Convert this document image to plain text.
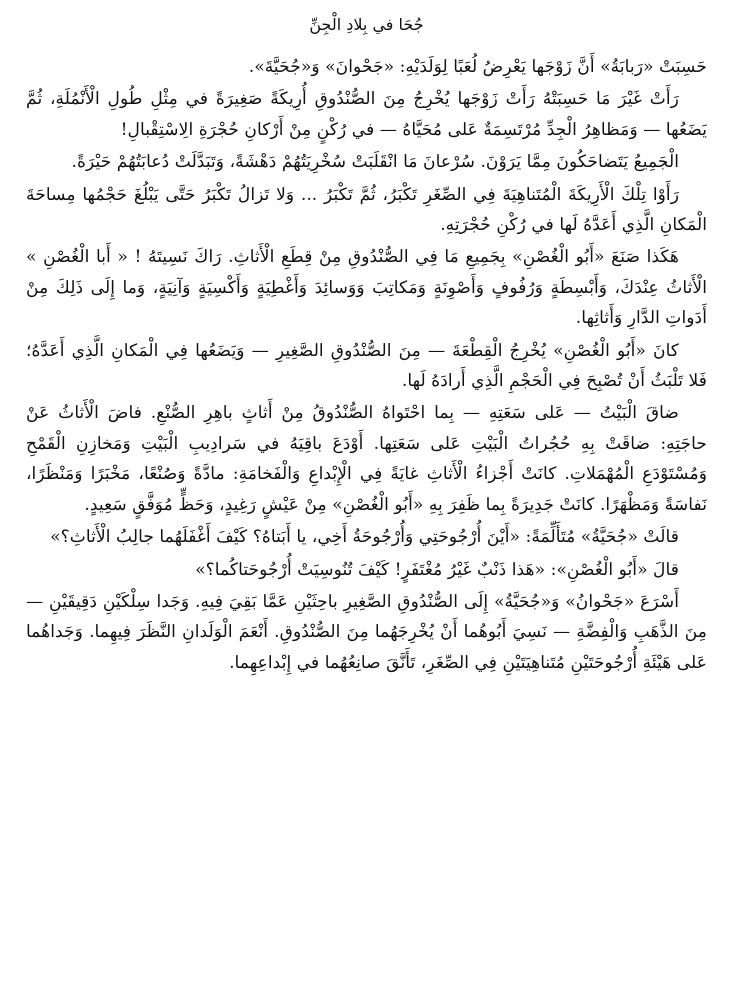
جُحَا في بِلادِ الْجِنِّ

حَسِبَتْ «رَبابَةُ» أَنَّ زَوْجَها يَعْرِضُ لُعَبًا لِوَلَدَيْهِ: «جَحْوانَ» وَ«جُحَيَّةَ».

رَأَتْ غَيْرَ مَا حَسِبَتْهُ رَأَتْ زَوْجَها يُخْرِجُ مِنَ الصُّنْدُوقِ أُرِيكَةً صَغِيرَةً في مِثْلِ طُولِ الْأَنْمُلَةِ، ثُمَّ يَضَعُها — وَمَظاهِرُ الْجِدِّ مُرْتَسِمَةٌ عَلى مُحَيَّاهُ — في رُكْنٍ مِنْ أَرْكانِ حُجْرَةِ الِاسْتِقْبالِ!

الْجَمِيعُ يَتَضاحَكُونَ مِمَّا يَرَوْنَ. سُرْعانَ مَا انْقَلَبَتْ سُخْرِيَتُهُمْ دَهْشَةً، وَتَبَدَّلَتْ دُعابَتُهُمْ حَيْرَةً.

رَأَوْا تِلْكَ الْأَرِيكَةَ الْمُتَناهِيَةَ فِي الصِّغَرِ تَكْبَرُ، ثُمَّ تَكْبَرُ ... وَلا تَزالُ تَكْبَرُ حَتَّى يَبْلُغَ حَجْمُها مِساحَةَ الْمَكانِ الَّذِي أَعَدَّهُ لَها في رُكْنِ حُجْرَتِهِ.

هَكَذا صَنَعَ «أَبُو الْغُصْنِ» بِجَمِيعِ مَا فِي الصُّنْدُوقِ مِنْ قِطَعِ الْأَثاثِ. رَاكَ نَسِيتَهُ ! « أَبا الْغُصْنِ » الْأَثاثُ عِنْدَكَ، وَأَبْسِطَةٍ وَرُفُوفٍ وَأَصْوِنَةٍ وَمَكاتِبَ وَوَسائِدَ وَأَغْطِيَةٍ وَأَكْسِيَةٍ وَآنِيَةٍ، وَما إِلَى ذَلِكَ مِنْ أَدَواتِ الدَّارِ وَأَثاثِها.

كانَ «أَبُو الْغُصْنِ» يُخْرِجُ الْقِطْعَةَ — مِنَ الصُّنْدُوقِ الصَّغِيرِ — وَيَضَعُها فِي الْمَكانِ الَّذِي أَعَدَّهُ؛ فَلا تَلْبَثُ أَنْ تُصْبِحَ فِي الْحَجْمِ الَّذِي أَرادَهُ لَها.

ضاقَ الْبَيْتُ — عَلى سَعَتِهِ — بِما احْتَواهُ الصُّنْدُوقُ مِنْ أَثاثٍ باهِرِ الصُّنْعِ. فاضَ الْأَثاثُ عَنْ حاجَتِهِ: ضاقَتْ بِهِ حُجُراتُ الْبَيْتِ عَلى سَعَتِها. أَوْدَعَ باقِيَهُ في سَرادِيبِ الْبَيْتِ وَمَخازِنِ الْقَمْحِ وَمُسْتَوْدَعِ الْمُهْمَلاتِ. كانَتْ أَجْزاءُ الْأَثاثِ غايَةً فِي الْإِبْداعِ وَالْفَخامَةِ: مادَّةً وَصُنْعًا، مَخْبَرًا وَمَنْظَرًا، نَفاسَةً وَمَظْهَرًا. كانَتْ جَدِيرَةً بِما ظَفِرَ بِهِ «أَبُو الْغُصْنِ» مِنْ عَيْشٍ رَغِيدٍ، وَحَظٍّ مُوَفَّقٍ سَعِيدٍ.

قالَتْ «جُحَيَّةُ» مُتَأَلِّمَةً: «أَيْنَ أُرْجُوحَتِي وَأُرْجُوحَةُ أَخِي، يا أَبَتاهُ؟ كَيْفَ أَغْفَلَهُما جالِبُ الْأَثاثِ؟»

قالَ «أَبُو الْغُصْنِ»: «هَذا ذَنْبٌ غَيْرُ مُغْتَفَرٍ! كَيْفَ تُنُوسِيَتْ أُرْجُوحَتاكُما؟»

أَسْرَعَ «جَحْوانُ» وَ«جُحَيَّةُ» إِلَى الصُّنْدُوقِ الصَّغِيرِ باحِثَيْنِ عَمَّا بَقِيَ فِيهِ. وَجَدا سِلْكَيْنِ دَقِيقَيْنِ — مِنَ الذَّهَبِ وَالْفِضَّةِ — نَسِيَ أَبُوهُما أَنْ يُخْرِجَهُما مِنَ الصُّنْدُوقِ. أَنْعَمَ الْوَلَدانِ النَّظَرَ فِيهِما. وَجَداهُما عَلى هَيْئَةِ أُرْجُوحَتَيْنِ مُتَناهِيَتَيْنِ فِي الصِّغَرِ، تَأَنَّقَ صانِعُهُما في إِبْداعِهِما.
